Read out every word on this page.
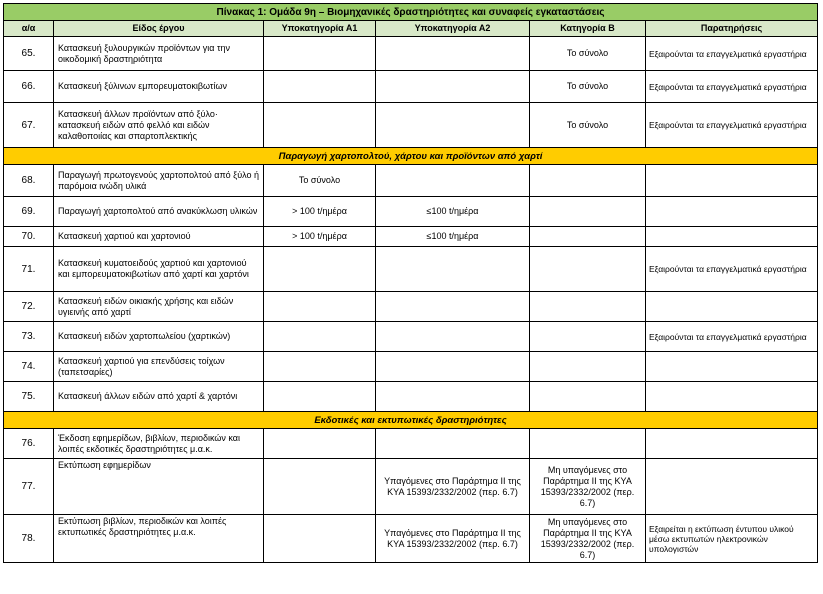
Πίνακας 1: Ομάδα 9η – Βιομηχανικές δραστηριότητες και συναφείς εγκαταστάσεις					
α/α	Είδος έργου	Υποκατηγορία Α1	Υποκατηγορία Α2	Κατηγορία Β	Παρατηρήσεις
65.	Κατασκευή ξυλουργικών προϊόντων για την οικοδομική δραστηριότητα			Το σύνολο	Εξαιρούνται τα επαγγελματικά εργαστήρια
66.	Κατασκευή ξύλινων εμπορευματοκιβωτίων			Το σύνολο	Εξαιρούνται τα επαγγελματικά εργαστήρια
67.	Κατασκευή άλλων προϊόντων από ξύλο· κατασκευή ειδών από φελλό και ειδών καλαθοποιίας και σπαρτοπλεκτικής			Το σύνολο	Εξαιρούνται τα επαγγελματικά εργαστήρια
Παραγωγή χαρτοπολτού, χάρτου και προϊόντων από χαρτί					
68.	Παραγωγή πρωτογενούς χαρτοπολτού από ξύλο ή παρόμοια ινώδη υλικά	Το σύνολο			
69.	Παραγωγή χαρτοπολτού από ανακύκλωση υλικών	> 100 t/ημέρα	≤100 t/ημέρα		
70.	Κατασκευή χαρτιού και χαρτονιού	> 100 t/ημέρα	≤100 t/ημέρα		
71.	Κατασκευή κυματοειδούς χαρτιού και χαρτονιού και εμπορευματοκιβωτίων από χαρτί και χαρτόνι				Εξαιρούνται τα επαγγελματικά εργαστήρια
72.	Κατασκευή ειδών οικιακής χρήσης και ειδών υγιεινής από χαρτί				
73.	Κατασκευή ειδών χαρτοπωλείου (χαρτικών)				Εξαιρούνται τα επαγγελματικά εργαστήρια
74.	Κατασκευή χαρτιού για επενδύσεις τοίχων (ταπετσαρίες)				
75.	Κατασκευή άλλων ειδών από χαρτί & χαρτόνι				
Εκδοτικές και εκτυπωτικές δραστηριότητες					
76.	Έκδοση εφημερίδων, βιβλίων, περιοδικών και λοιπές εκδοτικές δραστηριότητες μ.α.κ.				
77.	Εκτύπωση εφημερίδων		Υπαγόμενες στο Παράρτημα ΙΙ της ΚΥΑ 15393/2332/2002 (περ. 6.7)	Μη υπαγόμενες στο Παράρτημα ΙΙ της ΚΥΑ 15393/2332/2002 (περ. 6.7)	
78.	Εκτύπωση βιβλίων, περιοδικών και λοιπές εκτυπωτικές δραστηριότητες μ.α.κ.		Υπαγόμενες στο Παράρτημα ΙΙ της ΚΥΑ 15393/2332/2002 (περ. 6.7)	Μη υπαγόμενες στο Παράρτημα ΙΙ της ΚΥΑ 15393/2332/2002 (περ. 6.7)	Εξαιρείται η εκτύπωση έντυπου υλικού μέσω εκτυπωτών ηλεκτρονικών υπολογιστών
